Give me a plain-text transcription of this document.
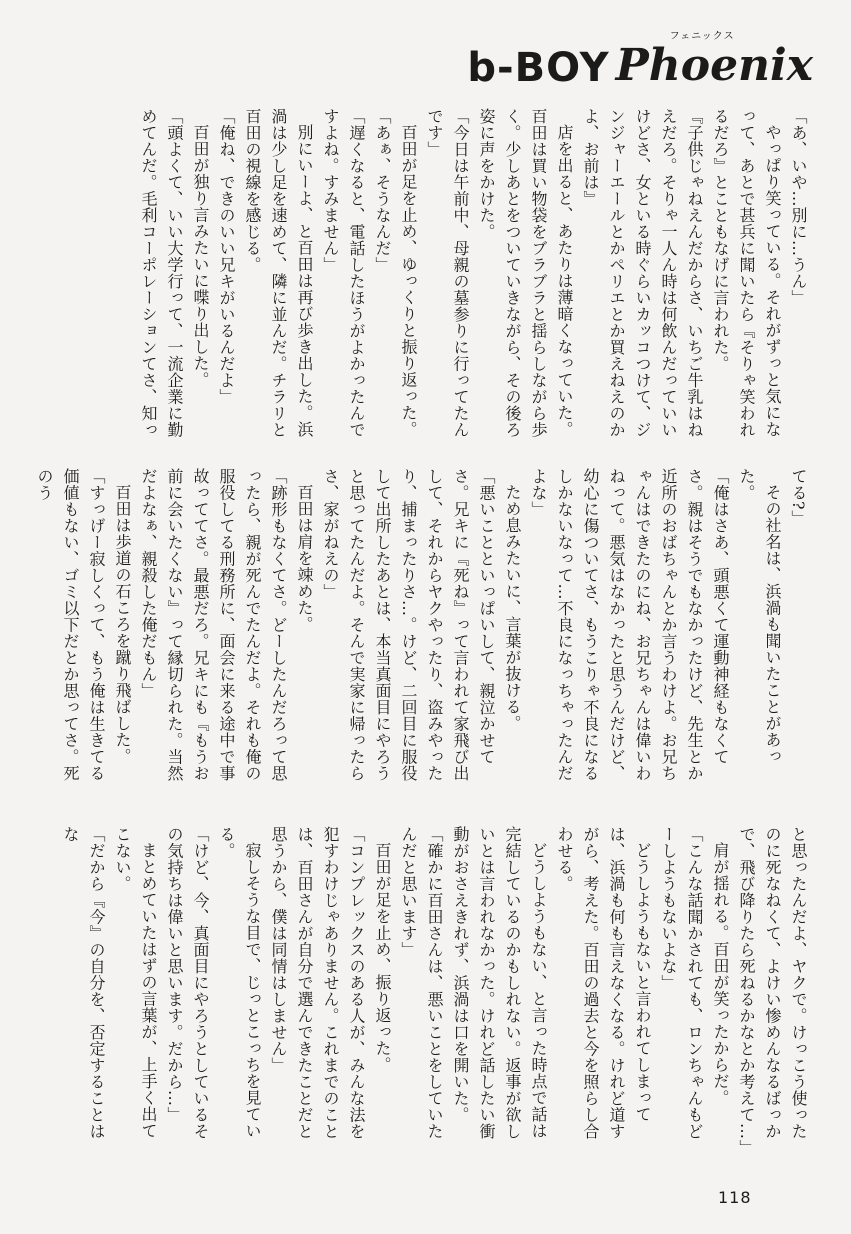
b-BOY
フェニックス
Phoenix

「あ、いや…別に…うん」

やっぱり笑っている。それがずっと気になって、あとで甚兵に聞いたら『そりゃ笑われるだろ』とこともなげに言われた。

『子供じゃねえんだからさ、いちご牛乳はねえだろ。そりゃ一人ん時は何飲んだっていいけどさ、女といる時ぐらいカッコつけて、ジンジャーエールとかペリエとか買えねえのかよ、お前は』

店を出ると、あたりは薄暗くなっていた。百田は買い物袋をブラブラと揺らしながら歩く。少しあとをついていきながら、その後ろ姿に声をかけた。

「今日は午前中、母親の墓参りに行ってたんです」

百田が足を止め、ゆっくりと振り返った。

「あぁ、そうなんだ」

「遅くなると、電話したほうがよかったんですよね。すみません」

別にいーよ、と百田は再び歩き出した。浜渦は少し足を速めて、隣に並んだ。チラリと百田の視線を感じる。

「俺ね、できのいい兄キがいるんだよ」

百田が独り言みたいに喋り出した。

「頭よくて、いい大学行って、一流企業に勤めてんだ。毛利コーポレーションてさ、知っ

てる?」

その社名は、浜渦も聞いたことがあった。

「俺はさあ、頭悪くて運動神経もなくてさ。親はそうでもなかったけど、先生とか近所のおばちゃんとか言うわけよ。お兄ちゃんはできたのにね、お兄ちゃんは偉いわねって。悪気はなかったと思うんだけど、幼心に傷ついてさ、もうこりゃ不良になるしかないなって…不良になっちゃったんだよな」

ため息みたいに、言葉が抜ける。

「悪いことといっぱいして、親泣かせてさ。兄キに『死ね』って言われて家飛び出して、それからヤクやったり、盗みやったり、捕まったりさ…。けど、二回目に服役して出所したあとは、本当真面目にやろうと思ってたんだよ。そんで実家に帰ったらさ、家がねえの」

百田は肩を竦めた。

「跡形もなくてさ。どーしたんだろって思ったら、親が死んでたんだよ。それも俺の服役してる刑務所に、面会に来る途中で事故っててさ。最悪だろ。兄キにも『もうお前に会いたくない』って縁切られた。当然だよなぁ、親殺した俺だもん」

百田は歩道の石ころを蹴り飛ばした。

「すっげー寂しくって、もう俺は生きてる価値もない、ゴミ以下だとか思ってさ。死のう

と思ったんだよ、ヤクで。けっこう使ったのに死なねくて、よけい惨めんなるばっかで、飛び降りたら死ねるかなとか考えて…」

肩が揺れる。百田が笑ったからだ。

「こんな話聞かされても、ロンちゃんもどーしようもないよな」

どうしようもないと言われてしまっては、浜渦も何も言えなくなる。けれど道すがら、考えた。百田の過去と今を照らし合わせる。

どうしようもない、と言った時点で話は完結しているのかもしれない。返事が欲しいとは言われなかった。けれど話したい衝動がおさえきれず、浜渦は口を開いた。

「確かに百田さんは、悪いことをしていたんだと思います」

百田が足を止め、振り返った。

「コンプレックスのある人が、みんな法を犯すわけじゃありません。これまでのことは、百田さんが自分で選んできたことだと思うから、僕は同情はしません」

寂しそうな目で、じっとこっちを見ている。

「けど、今、真面目にやろうとしているその気持ちは偉いと思います。だから…」

まとめていたはずの言葉が、上手く出てこない。

「だから『今』の自分を、否定することはな

118
